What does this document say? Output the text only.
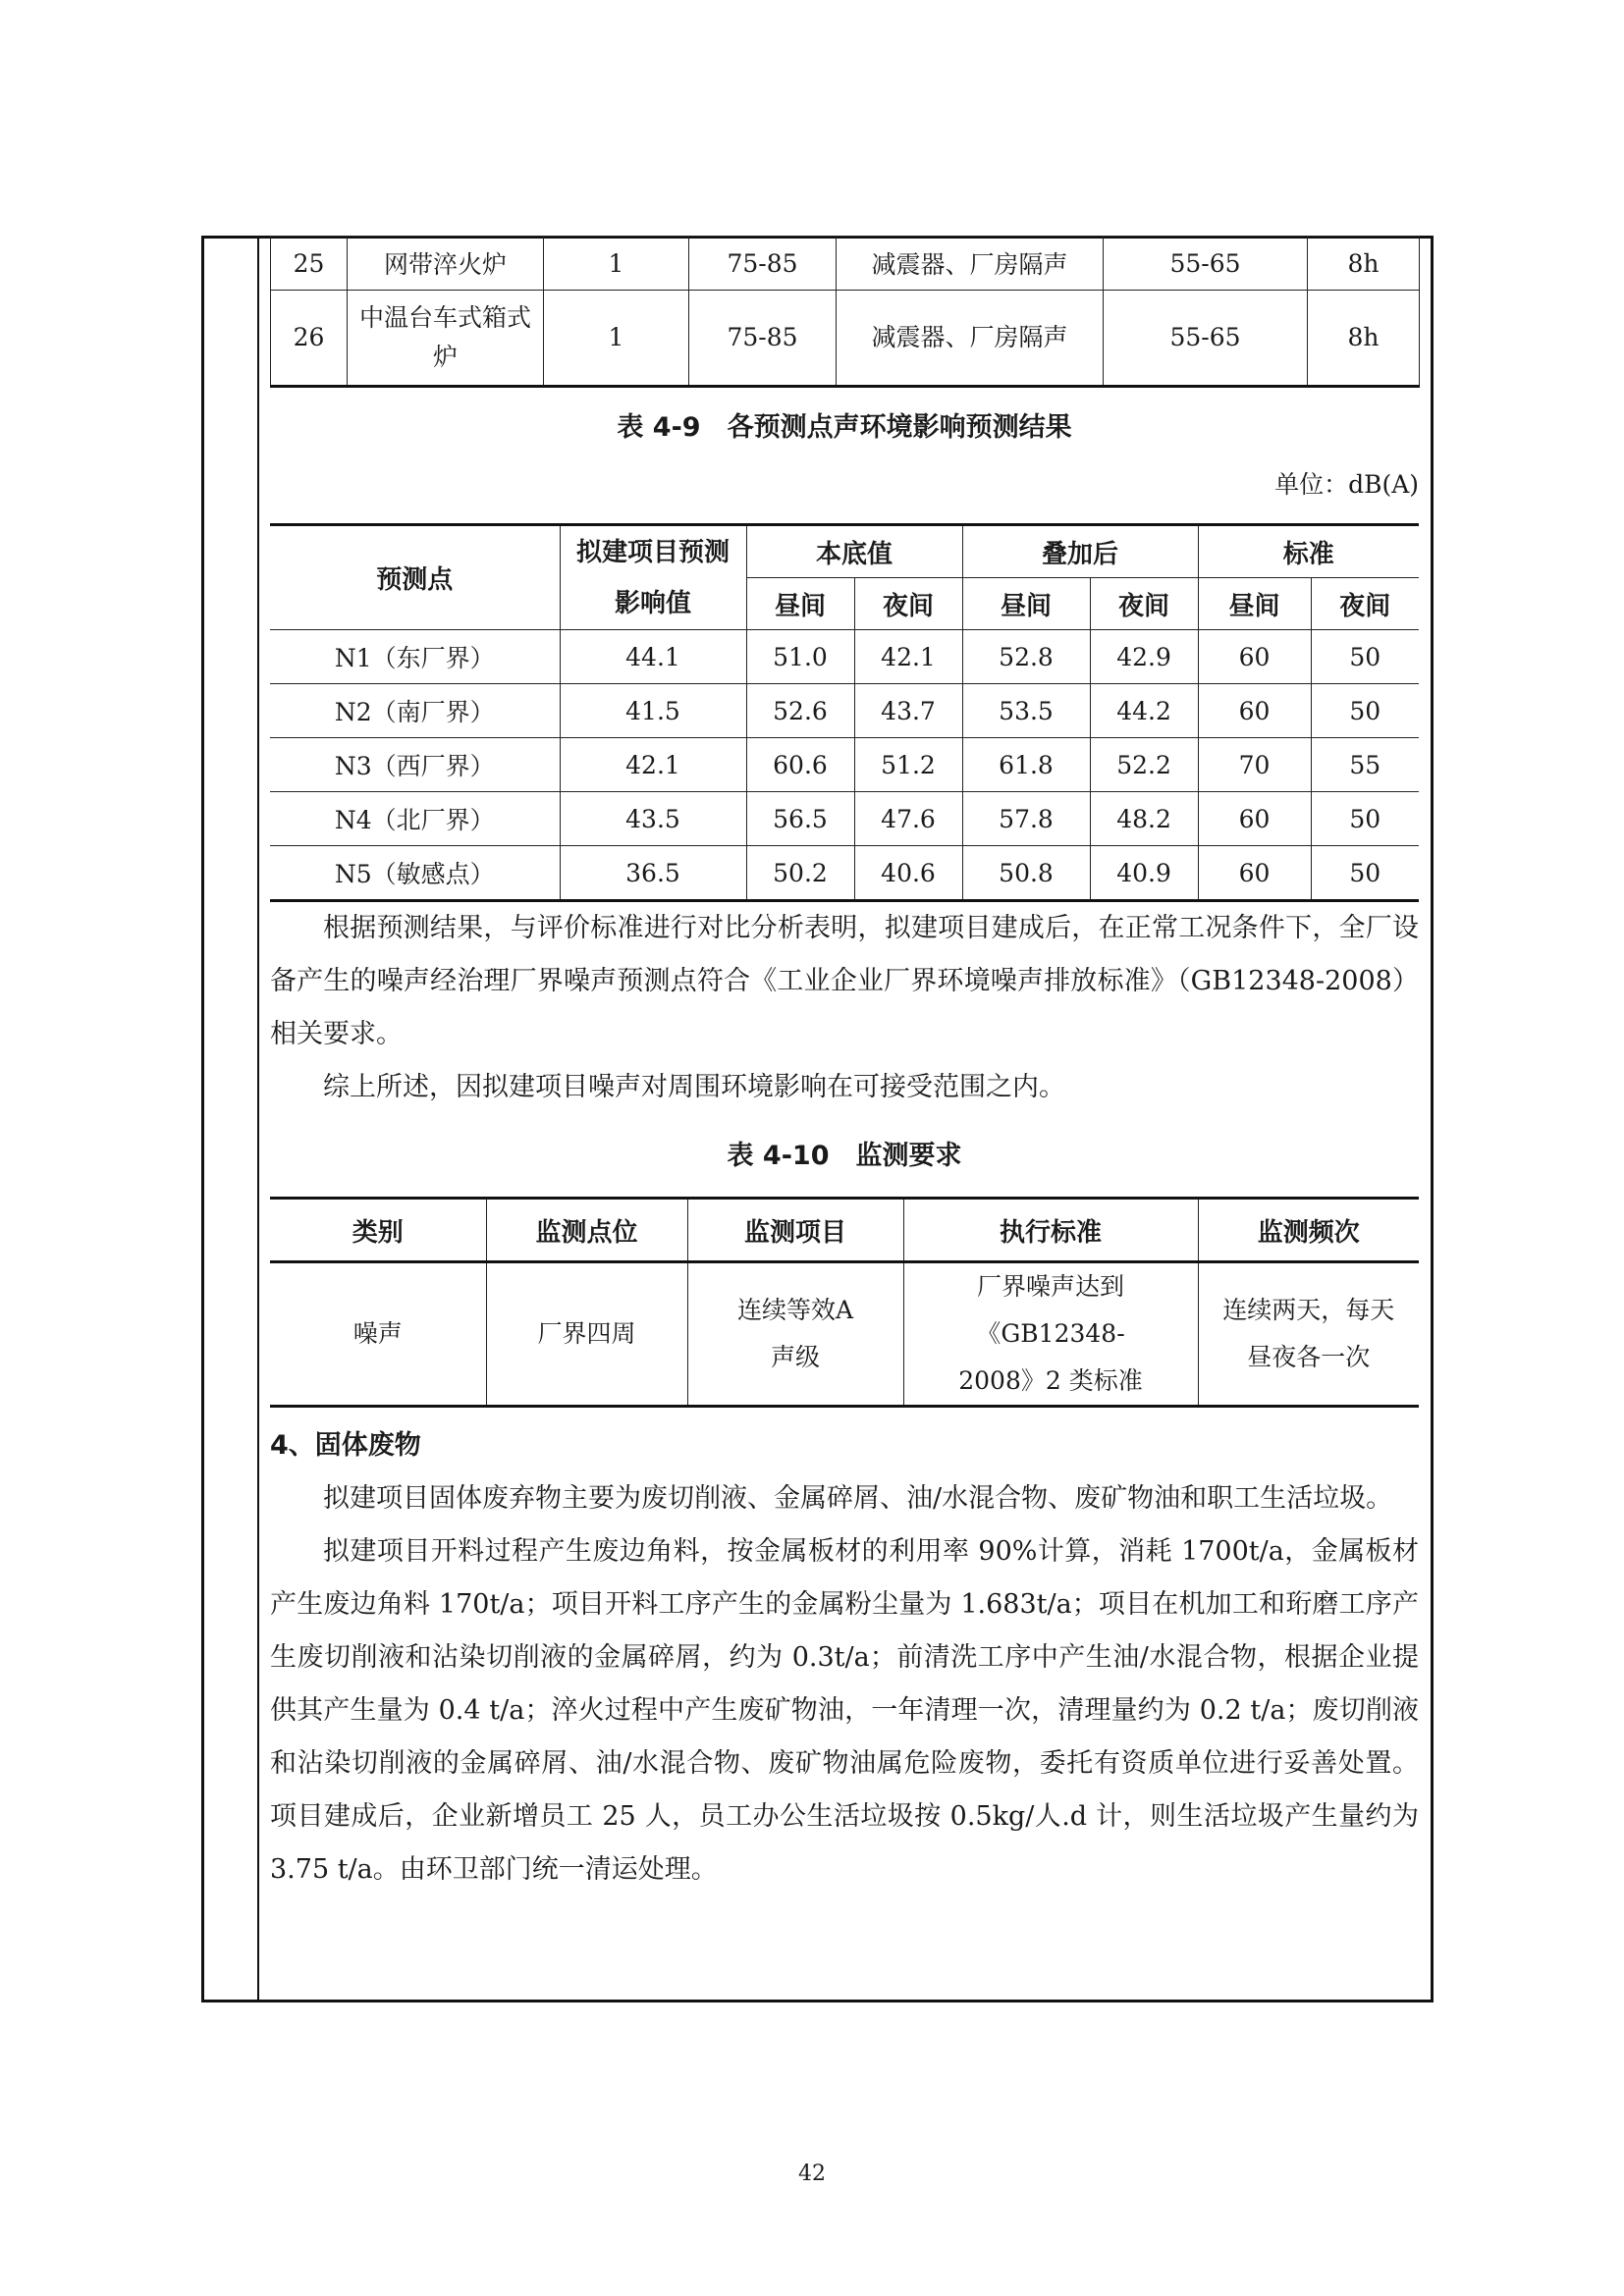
25	网带淬火炉	1	75-85	减震器、厂房隔声	55-65	8h
26	中温台车式箱式炉	1	75-85	减震器、厂房隔声	55-65	8h
表 4-9　各预测点声环境影响预测结果
单位：dB(A)
预测点	拟建项目预测影响值	本底值		叠加后		标准	
		昼间	夜间	昼间	夜间	昼间	夜间
N1（东厂界）	44.1	51.0	42.1	52.8	42.9	60	50
N2（南厂界）	41.5	52.6	43.7	53.5	44.2	60	50
N3（西厂界）	42.1	60.6	51.2	61.8	52.2	70	55
N4（北厂界）	43.5	56.5	47.6	57.8	48.2	60	50
N5（敏感点）	36.5	50.2	40.6	50.8	40.9	60	50

根据预测结果，与评价标准进行对比分析表明，拟建项目建成后，在正常工况条件下，全厂设备产生的噪声经治理厂界噪声预测点符合《工业企业厂界环境噪声排放标准》（GB12348-2008）相关要求。

综上所述，因拟建项目噪声对周围环境影响在可接受范围之内。

表 4-10　监测要求
类别	监测点位	监测项目	执行标准	监测频次
噪声	厂界四周	连续等效A 声级	厂界噪声达到《GB12348-2008》2 类标准	连续两天，每天昼夜各一次

4、固体废物

拟建项目固体废弃物主要为废切削液、金属碎屑、油/水混合物、废矿物油和职工生活垃圾。

拟建项目开料过程产生废边角料，按金属板材的利用率 90%计算，消耗 1700t/a，金属板材产生废边角料 170t/a；项目开料工序产生的金属粉尘量为 1.683t/a；项目在机加工和珩磨工序产生废切削液和沾染切削液的金属碎屑，约为 0.3t/a；前清洗工序中产生油/水混合物，根据企业提供其产生量为 0.4 t/a；淬火过程中产生废矿物油，一年清理一次，清理量约为 0.2 t/a；废切削液和沾染切削液的金属碎屑、油/水混合物、废矿物油属危险废物，委托有资质单位进行妥善处置。项目建成后，企业新增员工 25 人，员工办公生活垃圾按 0.5kg/人.d 计，则生活垃圾产生量约为 3.75 t/a。由环卫部门统一清运处理。

42
